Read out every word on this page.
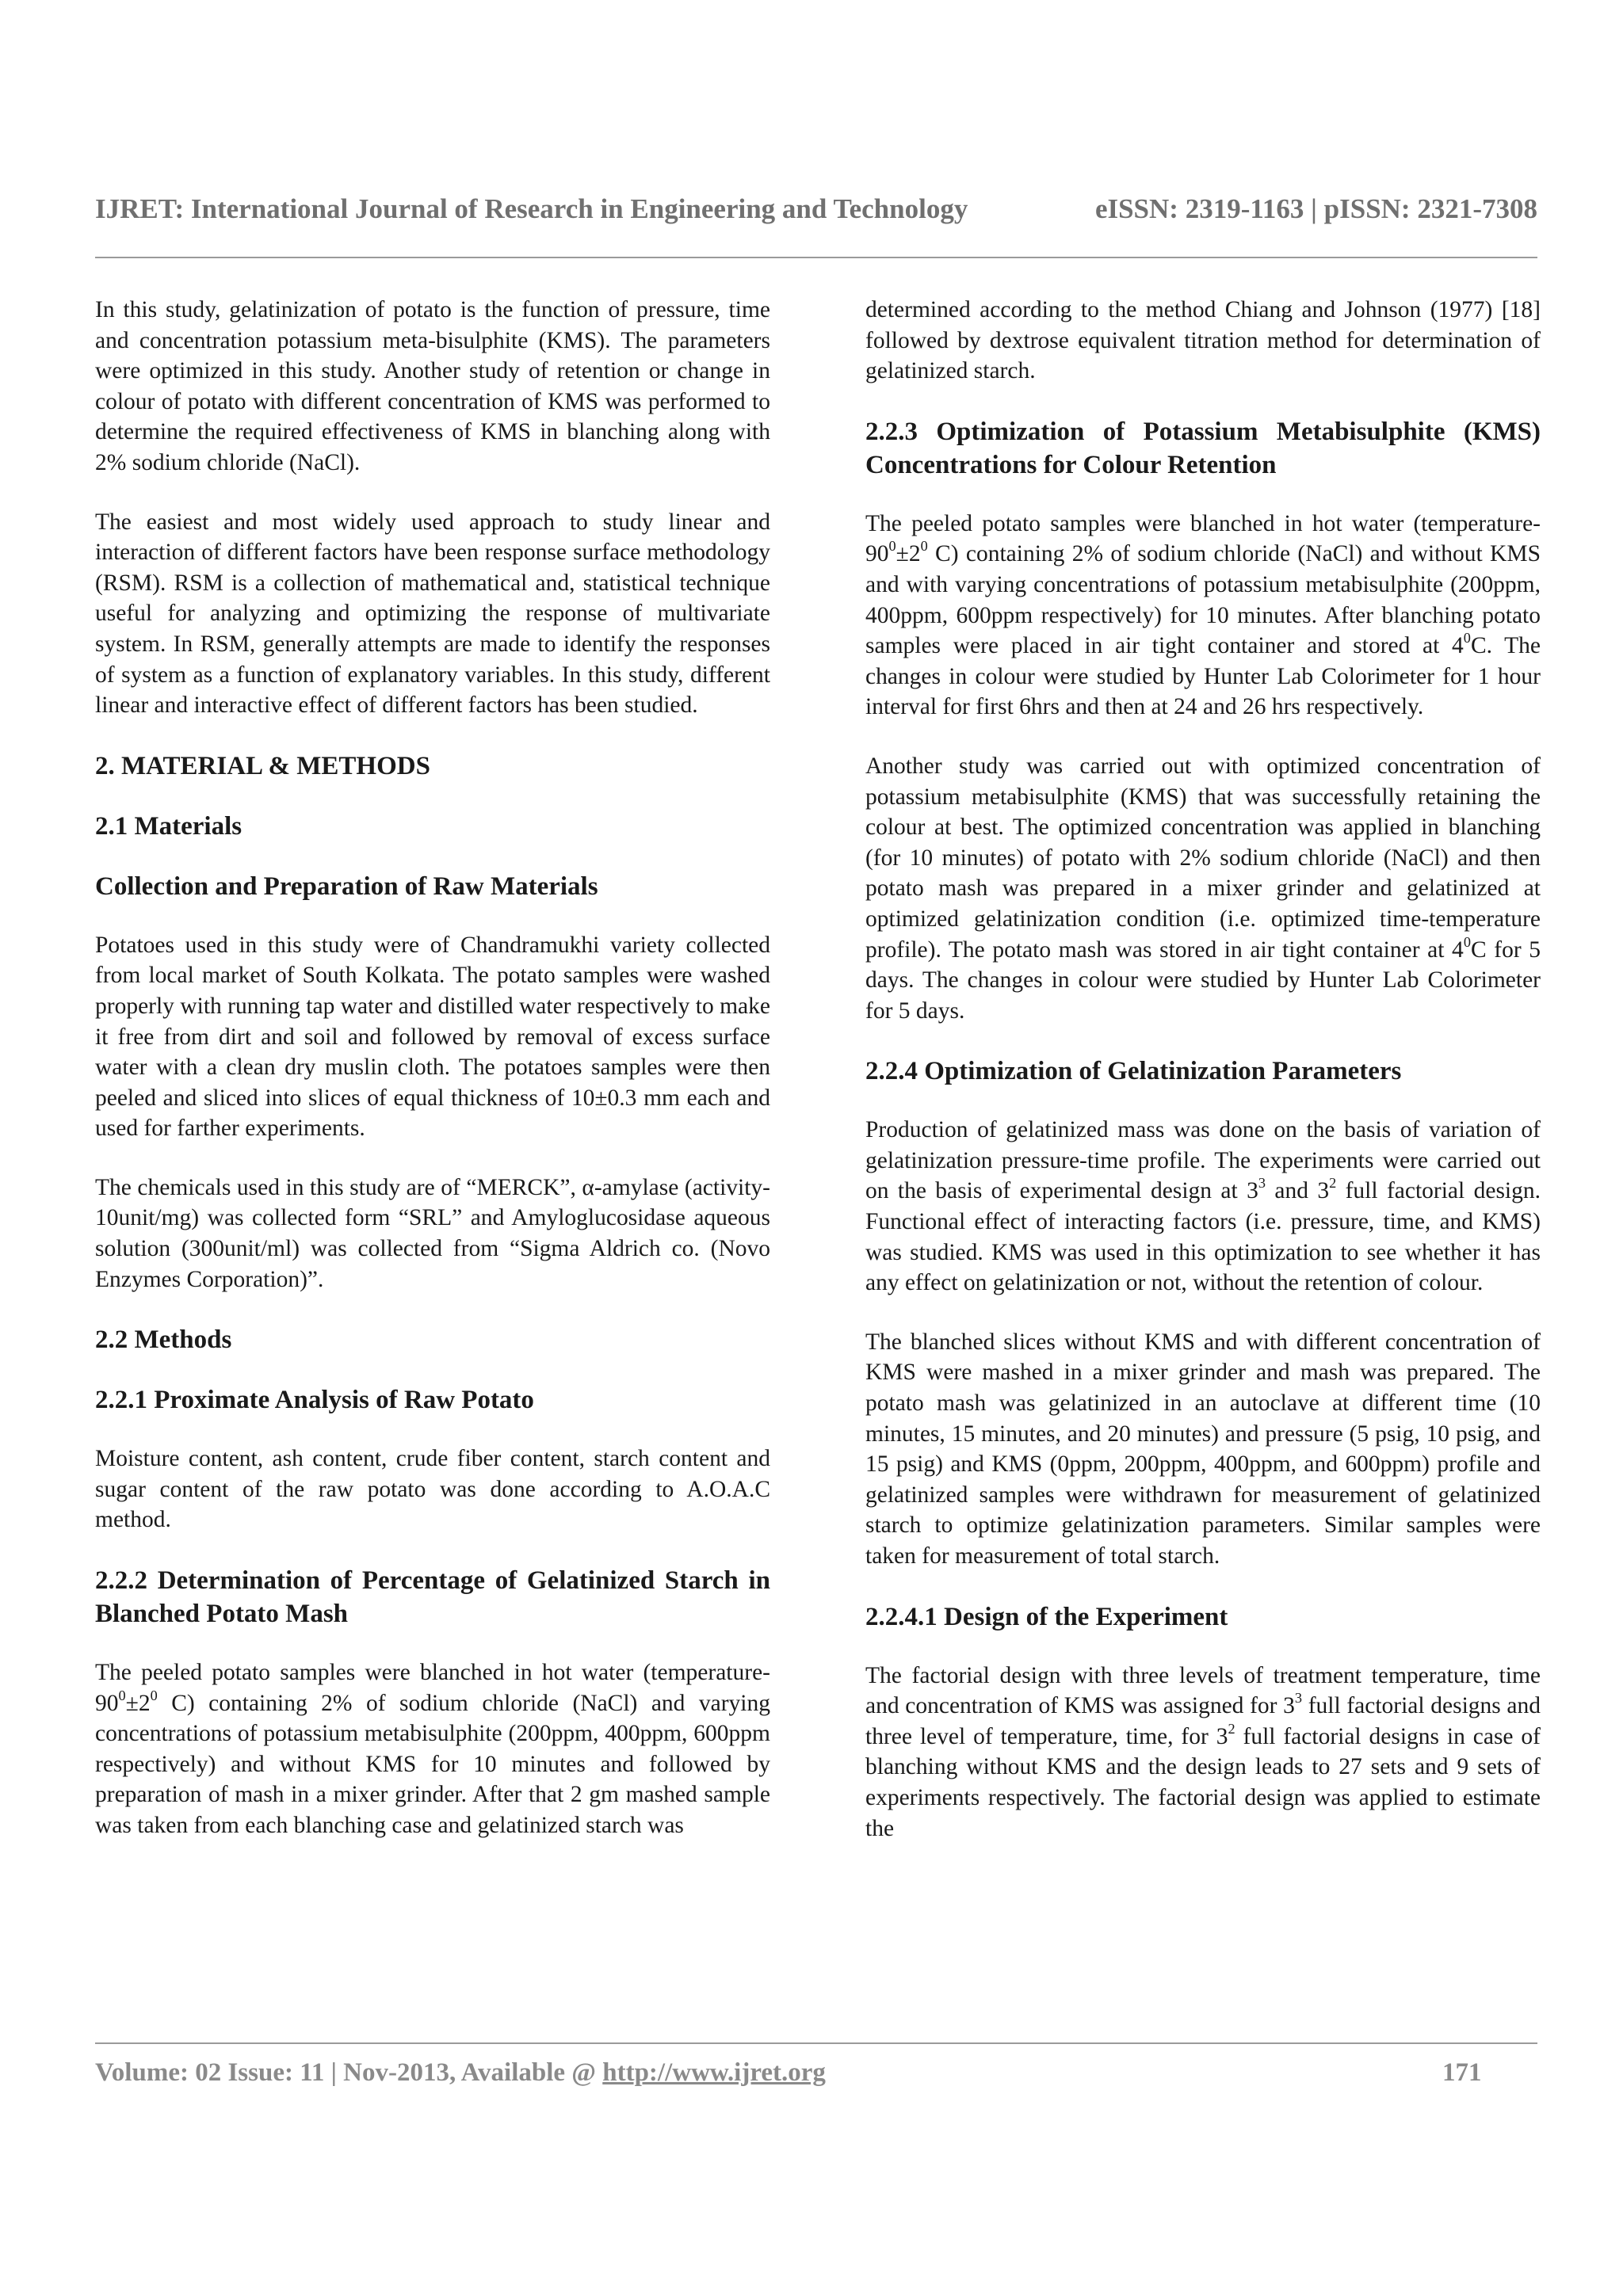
IJRET: International Journal of Research in Engineering and Technology	eISSN: 2319-1163 | pISSN: 2321-7308

In this study, gelatinization of potato is the function of pressure, time and concentration potassium meta-bisulphite (KMS). The parameters were optimized in this study. Another study of retention or change in colour of potato with different concentration of KMS was performed to determine the required effectiveness of KMS in blanching along with 2% sodium chloride (NaCl).

The easiest and most widely used approach to study linear and interaction of different factors have been response surface methodology (RSM). RSM is a collection of mathematical and, statistical technique useful for analyzing and optimizing the response of multivariate system. In RSM, generally attempts are made to identify the responses of system as a function of explanatory variables. In this study, different linear and interactive effect of different factors has been studied.

2. MATERIAL & METHODS
2.1 Materials
Collection and Preparation of Raw Materials

Potatoes used in this study were of Chandramukhi variety collected from local market of South Kolkata. The potato samples were washed properly with running tap water and distilled water respectively to make it free from dirt and soil and followed by removal of excess surface water with a clean dry muslin cloth. The potatoes samples were then peeled and sliced into slices of equal thickness of 10±0.3 mm each and used for farther experiments.

The chemicals used in this study are of “MERCK”, α-amylase (activity- 10unit/mg) was collected form “SRL” and Amyloglucosidase aqueous solution (300unit/ml) was collected from “Sigma Aldrich co. (Novo Enzymes Corporation)”.

2.2 Methods
2.2.1 Proximate Analysis of Raw Potato

Moisture content, ash content, crude fiber content, starch content and sugar content of the raw potato was done according to A.O.A.C method.

2.2.2 Determination of Percentage of Gelatinized Starch in Blanched Potato Mash

The peeled potato samples were blanched in hot water (temperature- $90^0\pm 2^0$ C) containing 2% of sodium chloride (NaCl) and varying concentrations of potassium metabisulphite (200ppm, 400ppm, 600ppm respectively) and without KMS for 10 minutes and followed by preparation of mash in a mixer grinder. After that 2 gm mashed sample was taken from each blanching case and gelatinized starch was

determined according to the method Chiang and Johnson (1977) [18] followed by dextrose equivalent titration method for determination of gelatinized starch.

2.2.3 Optimization of Potassium Metabisulphite (KMS) Concentrations for Colour Retention

The peeled potato samples were blanched in hot water (temperature- $90^0\pm 2^0$ C) containing 2% of sodium chloride (NaCl) and without KMS and with varying concentrations of potassium metabisulphite (200ppm, 400ppm, 600ppm respectively) for 10 minutes. After blanching potato samples were placed in air tight container and stored at $4^0C$. The changes in colour were studied by Hunter Lab Colorimeter for 1 hour interval for first 6hrs and then at 24 and 26 hrs respectively.

Another study was carried out with optimized concentration of potassium metabisulphite (KMS) that was successfully retaining the colour at best. The optimized concentration was applied in blanching (for 10 minutes) of potato with 2% sodium chloride (NaCl) and then potato mash was prepared in a mixer grinder and gelatinized at optimized gelatinization condition (i.e. optimized time-temperature profile). The potato mash was stored in air tight container at $4^0C$ for 5 days. The changes in colour were studied by Hunter Lab Colorimeter for 5 days.

2.2.4 Optimization of Gelatinization Parameters

Production of gelatinized mass was done on the basis of variation of gelatinization pressure-time profile. The experiments were carried out on the basis of experimental design at $3^3$ and $3^2$ full factorial design. Functional effect of interacting factors (i.e. pressure, time, and KMS) was studied. KMS was used in this optimization to see whether it has any effect on gelatinization or not, without the retention of colour.

The blanched slices without KMS and with different concentration of KMS were mashed in a mixer grinder and mash was prepared. The potato mash was gelatinized in an autoclave at different time (10 minutes, 15 minutes, and 20 minutes) and pressure (5 psig, 10 psig, and 15 psig) and KMS (0ppm, 200ppm, 400ppm, and 600ppm) profile and gelatinized samples were withdrawn for measurement of gelatinized starch to optimize gelatinization parameters. Similar samples were taken for measurement of total starch.

2.2.4.1 Design of the Experiment

The factorial design with three levels of treatment temperature, time and concentration of KMS was assigned for $3^3$ full factorial designs and three level of temperature, time, for $3^2$ full factorial designs in case of blanching without KMS and the design leads to 27 sets and 9 sets of experiments respectively. The factorial design was applied to estimate the

Volume: 02 Issue: 11 | Nov-2013, Available @ http://www.ijret.org	171
